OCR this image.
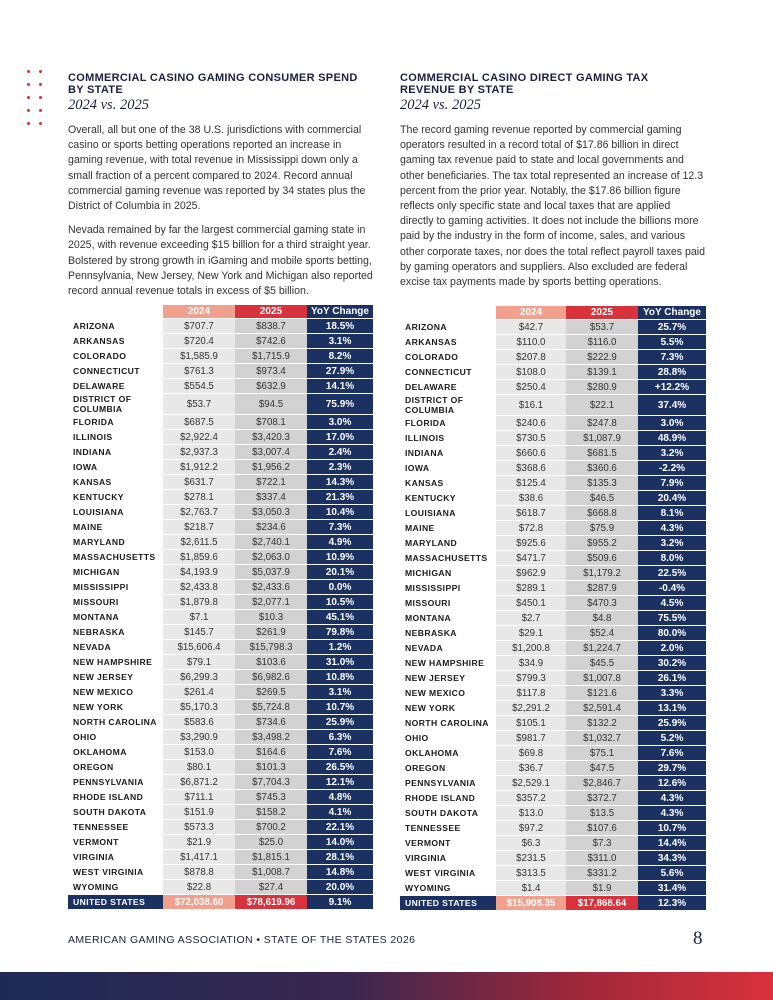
COMMERCIAL CASINO GAMING CONSUMER SPEND BY STATE
2024 vs. 2025

Overall, all but one of the 38 U.S. jurisdictions with commercial casino or sports betting operations reported an increase in gaming revenue, with total revenue in Mississippi down only a small fraction of a percent compared to 2024. Record annual commercial gaming revenue was reported by 34 states plus the District of Columbia in 2025.

Nevada remained by far the largest commercial gaming state in 2025, with revenue exceeding $15 billion for a third straight year. Bolstered by strong growth in iGaming and mobile sports betting, Pennsylvania, New Jersey, New York and Michigan also reported record annual revenue totals in excess of $5 billion.

COMMERCIAL CASINO DIRECT GAMING TAX REVENUE BY STATE
2024 vs. 2025

The record gaming revenue reported by commercial gaming operators resulted in a record total of $17.86 billion in direct gaming tax revenue paid to state and local governments and other beneficiaries. The tax total represented an increase of 12.3 percent from the prior year. Notably, the $17.86 billion figure reflects only specific state and local taxes that are applied directly to gaming activities. It does not include the billions more paid by the industry in the form of income, sales, and various other corporate taxes, nor does the total reflect payroll taxes paid by gaming operators and suppliers. Also excluded are federal excise tax payments made by sports betting operations.

	2024	2025	YoY Change
ARIZONA	$707.7	$838.7	18.5%
ARKANSAS	$720.4	$742.6	3.1%
COLORADO	$1,585.9	$1,715.9	8.2%
CONNECTICUT	$761.3	$973.4	27.9%
DELAWARE	$554.5	$632.9	14.1%
DISTRICT OF COLUMBIA	$53.7	$94.5	75.9%
FLORIDA	$687.5	$708.1	3.0%
ILLINOIS	$2,922.4	$3,420.3	17.0%
INDIANA	$2,937.3	$3,007.4	2.4%
IOWA	$1,912.2	$1,956.2	2.3%
KANSAS	$631.7	$722.1	14.3%
KENTUCKY	$278.1	$337.4	21.3%
LOUISIANA	$2,763.7	$3,050.3	10.4%
MAINE	$218.7	$234.6	7.3%
MARYLAND	$2,611.5	$2,740.1	4.9%
MASSACHUSETTS	$1,859.6	$2,063.0	10.9%
MICHIGAN	$4,193.9	$5,037.9	20.1%
MISSISSIPPI	$2,433.8	$2,433.6	0.0%
MISSOURI	$1,879.8	$2,077.1	10.5%
MONTANA	$7.1	$10.3	45.1%
NEBRASKA	$145.7	$261.9	79.8%
NEVADA	$15,606.4	$15,798.3	1.2%
NEW HAMPSHIRE	$79.1	$103.6	31.0%
NEW JERSEY	$6,299.3	$6,982.6	10.8%
NEW MEXICO	$261.4	$269.5	3.1%
NEW YORK	$5,170.3	$5,724.8	10.7%
NORTH CAROLINA	$583.6	$734.6	25.9%
OHIO	$3,290.9	$3,498.2	6.3%
OKLAHOMA	$153.0	$164.6	7.6%
OREGON	$80.1	$101.3	26.5%
PENNSYLVANIA	$6,871.2	$7,704.3	12.1%
RHODE ISLAND	$711.1	$745.3	4.8%
SOUTH DAKOTA	$151.9	$158.2	4.1%
TENNESSEE	$573.3	$700.2	22.1%
VERMONT	$21.9	$25.0	14.0%
VIRGINIA	$1,417.1	$1,815.1	28.1%
WEST VIRGINIA	$878.8	$1,008.7	14.8%
WYOMING	$22.8	$27.4	20.0%
UNITED STATES	$72,038.60	$78,619.96	9.1%
	2024	2025	YoY Change
ARIZONA	$42.7	$53.7	25.7%
ARKANSAS	$110.0	$116.0	5.5%
COLORADO	$207.8	$222.9	7.3%
CONNECTICUT	$108.0	$139.1	28.8%
DELAWARE	$250.4	$280.9	+12.2%
DISTRICT OF COLUMBIA	$16.1	$22.1	37.4%
FLORIDA	$240.6	$247.8	3.0%
ILLINOIS	$730.5	$1,087.9	48.9%
INDIANA	$660.6	$681.5	3.2%
IOWA	$368.6	$360.6	-2.2%
KANSAS	$125.4	$135.3	7.9%
KENTUCKY	$38.6	$46.5	20.4%
LOUISIANA	$618.7	$668.8	8.1%
MAINE	$72.8	$75.9	4.3%
MARYLAND	$925.6	$955.2	3.2%
MASSACHUSETTS	$471.7	$509.6	8.0%
MICHIGAN	$962.9	$1,179.2	22.5%
MISSISSIPPI	$289.1	$287.9	-0.4%
MISSOURI	$450.1	$470.3	4.5%
MONTANA	$2.7	$4.8	75.5%
NEBRASKA	$29.1	$52.4	80.0%
NEVADA	$1,200.8	$1,224.7	2.0%
NEW HAMPSHIRE	$34.9	$45.5	30.2%
NEW JERSEY	$799.3	$1,007.8	26.1%
NEW MEXICO	$117.8	$121.6	3.3%
NEW YORK	$2,291.2	$2,591.4	13.1%
NORTH CAROLINA	$105.1	$132.2	25.9%
OHIO	$981.7	$1,032.7	5.2%
OKLAHOMA	$69.8	$75.1	7.6%
OREGON	$36.7	$47.5	29.7%
PENNSYLVANIA	$2,529.1	$2,846.7	12.6%
RHODE ISLAND	$357.2	$372.7	4.3%
SOUTH DAKOTA	$13.0	$13.5	4.3%
TENNESSEE	$97.2	$107.6	10.7%
VERMONT	$6.3	$7.3	14.4%
VIRGINIA	$231.5	$311.0	34.3%
WEST VIRGINIA	$313.5	$331.2	5.6%
WYOMING	$1.4	$1.9	31.4%
UNITED STATES	$15,908.35	$17,868.64	12.3%
AMERICAN GAMING ASSOCIATION • STATE OF THE STATES 2026	8
